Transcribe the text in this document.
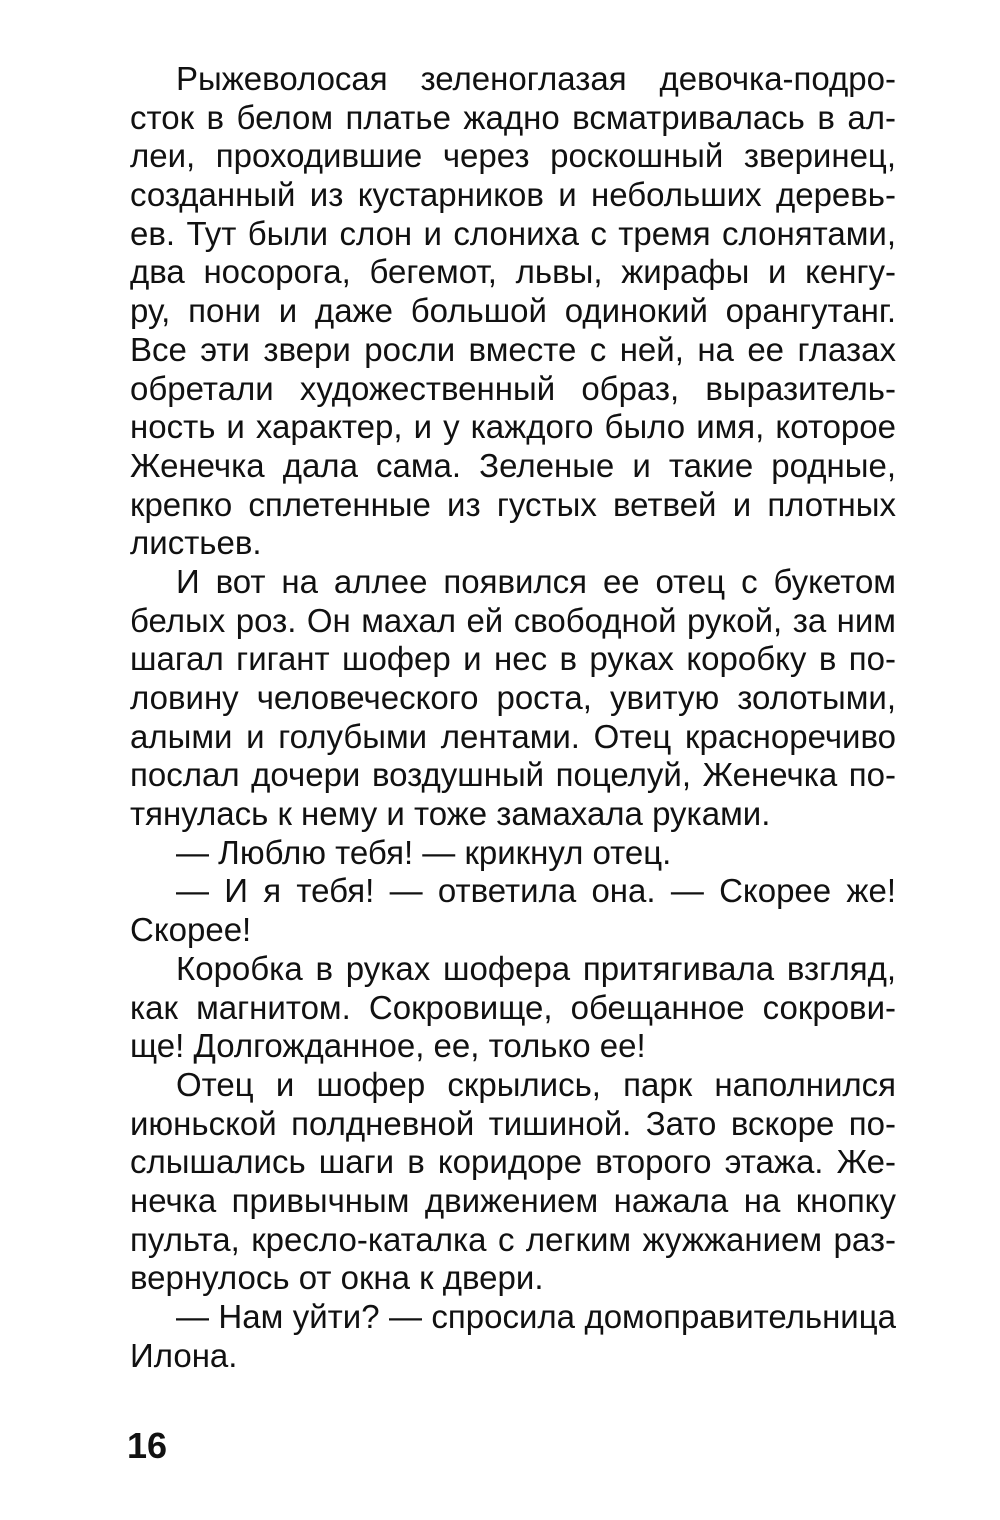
Рыжеволосая зеленоглазая девочка-подро-
сток в белом платье жадно всматривалась в ал-
леи, проходившие через роскошный зверинец,
созданный из кустарников и небольших деревь-
ев. Тут были слон и слониха с тремя слонятами,
два носорога, бегемот, львы, жирафы и кенгу-
ру, пони и даже большой одинокий орангутанг.
Все эти звери росли вместе с ней, на ее глазах
обретали художественный образ, выразитель-
ность и характер, и у каждого было имя, которое
Женечка дала сама. Зеленые и такие родные,
крепко сплетенные из густых ветвей и плотных
листьев.
И вот на аллее появился ее отец с букетом
белых роз. Он махал ей свободной рукой, за ним
шагал гигант шофер и нес в руках коробку в по-
ловину человеческого роста, увитую золотыми,
алыми и голубыми лентами. Отец красноречиво
послал дочери воздушный поцелуй, Женечка по-
тянулась к нему и тоже замахала руками.
— Люблю тебя! — крикнул отец.
— И я тебя! — ответила она. — Скорее же!
Скорее!
Коробка в руках шофера притягивала взгляд,
как магнитом. Сокровище, обещанное сокрови-
ще! Долгожданное, ее, только ее!
Отец и шофер скрылись, парк наполнился
июньской полдневной тишиной. Зато вскоре по-
слышались шаги в коридоре второго этажа. Же-
нечка привычным движением нажала на кнопку
пульта, кресло-каталка с легким жужжанием раз-
вернулось от окна к двери.
— Нам уйти? — спросила домоправительница
Илона.
16
